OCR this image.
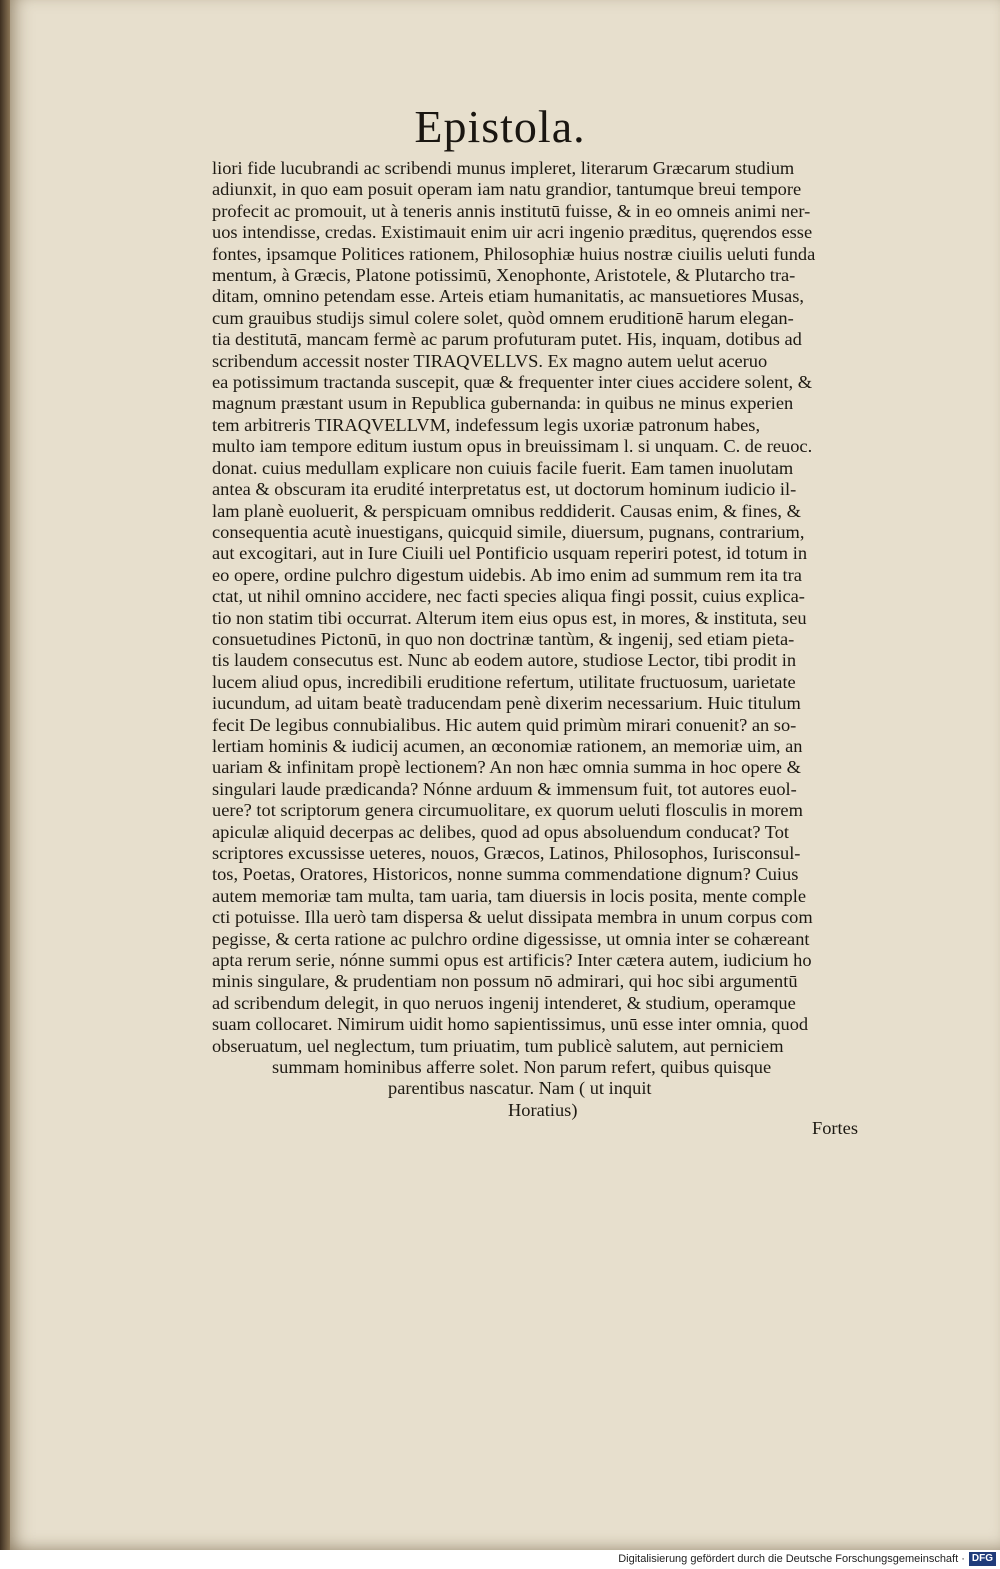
Epistola.
liori fide lucubrandi ac scribendi munus impleret, literarum Græcarum studium
adiunxit, in quo eam posuit operam iam natu grandior, tantumque breui tempore
profecit ac promouit, ut à teneris annis institutū fuisse, & in eo omneis animi ner-
uos intendisse, credas. Existimauit enim uir acri ingenio præditus, quęrendos esse
fontes, ipsamque Politices rationem, Philosophiæ huius nostræ ciuilis ueluti funda
mentum, à Græcis, Platone potissimū, Xenophonte, Aristotele, & Plutarcho tra-
ditam, omnino petendam esse. Arteis etiam humanitatis, ac mansuetiores Musas,
cum grauibus studijs simul colere solet, quòd omnem eruditionē harum elegan-
tia destitutā, mancam fermè ac parum profuturam putet. His, inquam, dotibus ad
scribendum accessit noster TIRAQVELLVS. Ex magno autem uelut aceruo
ea potissimum tractanda suscepit, quæ & frequenter inter ciues accidere solent, &
magnum præstant usum in Republica gubernanda: in quibus ne minus experien
tem arbitreris TIRAQVELLVM, indefessum legis uxoriæ patronum habes,
multo iam tempore editum iustum opus in breuissimam l. si unquam. C. de reuoc.
donat. cuius medullam explicare non cuiuis facile fuerit. Eam tamen inuolutam
antea & obscuram ita erudité interpretatus est, ut doctorum hominum iudicio il-
lam planè euoluerit, & perspicuam omnibus reddiderit. Causas enim, & fines, &
consequentia acutè inuestigans, quicquid simile, diuersum, pugnans, contrarium,
aut excogitari, aut in Iure Ciuili uel Pontificio usquam reperiri potest, id totum in
eo opere, ordine pulchro digestum uidebis. Ab imo enim ad summum rem ita tra
ctat, ut nihil omnino accidere, nec facti species aliqua fingi possit, cuius explica-
tio non statim tibi occurrat. Alterum item eius opus est, in mores, & instituta, seu
consuetudines Pictonū, in quo non doctrinæ tantùm, & ingenij, sed etiam pieta-
tis laudem consecutus est. Nunc ab eodem autore, studiose Lector, tibi prodit in
lucem aliud opus, incredibili eruditione refertum, utilitate fructuosum, uarietate
iucundum, ad uitam beatè traducendam penè dixerim necessarium. Huic titulum
fecit De legibus connubialibus. Hic autem quid primùm mirari conuenit? an so-
lertiam hominis & iudicij acumen, an œconomiæ rationem, an memoriæ uim, an
uariam & infinitam propè lectionem? An non hæc omnia summa in hoc opere &
singulari laude prædicanda? Nónne arduum & immensum fuit, tot autores euol-
uere? tot scriptorum genera circumuolitare, ex quorum ueluti flosculis in morem
apiculæ aliquid decerpas ac delibes, quod ad opus absoluendum conducat? Tot
scriptores excussisse ueteres, nouos, Græcos, Latinos, Philosophos, Iurisconsul-
tos, Poetas, Oratores, Historicos, nonne summa commendatione dignum? Cuius
autem memoriæ tam multa, tam uaria, tam diuersis in locis posita, mente comple
cti potuisse. Illa uerò tam dispersa & uelut dissipata membra in unum corpus com
pegisse, & certa ratione ac pulchro ordine digessisse, ut omnia inter se cohæreant
apta rerum serie, nónne summi opus est artificis? Inter cætera autem, iudicium ho
minis singulare, & prudentiam non possum nō admirari, qui hoc sibi argumentū
ad scribendum delegit, in quo neruos ingenij intenderet, & studium, operamque
suam collocaret. Nimirum uidit homo sapientissimus, unū esse inter omnia, quod
obseruatum, uel neglectum, tum priuatim, tum publicè salutem, aut perniciem
summam hominibus afferre solet. Non parum refert, quibus quisque
parentibus nascatur. Nam ( ut inquit
Horatius)
Fortes
Digitalisierung gefördert durch die Deutsche Forschungsgemeinschaft · DFG
